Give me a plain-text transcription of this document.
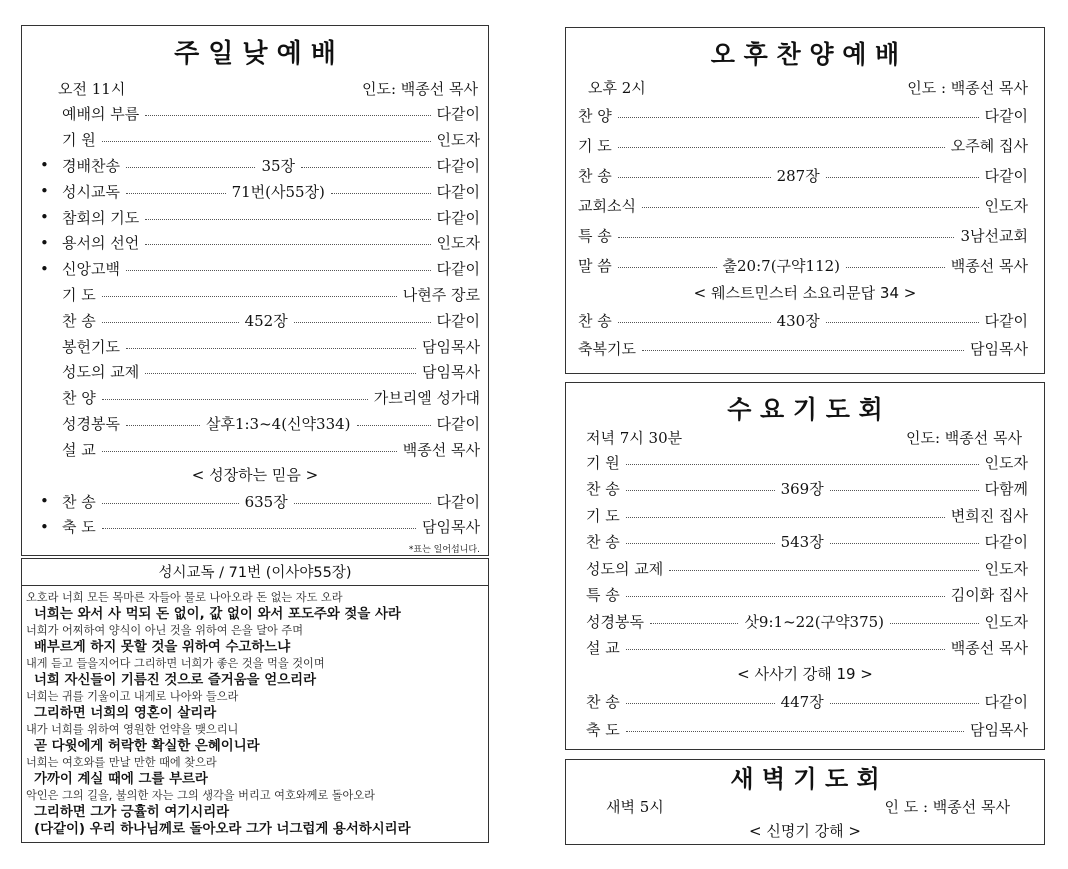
주 일 낮 예 배
오전 11시	인도: 백종선 목사
예배의 부름	다같이
기 원	인도자
• 경배찬송	35장	다같이
• 성시교독	71번(사55장)	다같이
• 참회의 기도	다같이
• 용서의 선언	인도자
• 신앙고백	다같이
기 도	나현주 장로
찬 송	452장	다같이
봉헌기도	담임목사
성도의 교제	담임목사
찬 양	가브리엘 성가대
성경봉독	살후1:3~4(신약334)	다같이
설 교	백종선 목사
< 성장하는 믿음 >
• 찬 송	635장	다같이
• 축 도	담임목사
*표는 일어섭니다.
성시교독 / 71번 (이사야55장)
오호라 너희 모든 목마른 자들아 물로 나아오라 돈 없는 자도 오라
너희는 와서 사 먹되 돈 없이, 값 없이 와서 포도주와 젖을 사라
너희가 어찌하여 양식이 아닌 것을 위하여 은을 달아 주며
배부르게 하지 못할 것을 위하여 수고하느냐
내게 듣고 들을지어다 그리하면 너희가 좋은 것을 먹을 것이며
너희 자신들이 기름진 것으로 즐거움을 얻으리라
너희는 귀를 기울이고 내게로 나아와 들으라
그리하면 너희의 영혼이 살리라
내가 너희를 위하여 영원한 언약을 맺으리니
곧 다윗에게 허락한 확실한 은혜이니라
너희는 여호와를 만날 만한 때에 찾으라
가까이 계실 때에 그를 부르라
악인은 그의 길을, 불의한 자는 그의 생각을 버리고 여호와께로 돌아오라
그리하면 그가 긍휼히 여기시리라
(다같이) 우리 하나님께로 돌아오라 그가 너그럽게 용서하시리라
오 후 찬 양 예 배
오후 2시	인도 : 백종선 목사
찬 양	다같이
기 도	오주혜 집사
찬 송	287장	다같이
교회소식	인도자
특 송	3남선교회
말 씀	출20:7(구약112)	백종선 목사
< 웨스트민스터 소요리문답 34 >
찬 송	430장	다같이
축복기도	담임목사
수 요 기 도 회
저녁 7시 30분	인도: 백종선 목사
기 원	인도자
찬 송	369장	다함께
기 도	변희진 집사
찬 송	543장	다같이
성도의 교제	인도자
특 송	김이화 집사
성경봉독	삿9:1~22(구약375)	인도자
설 교	백종선 목사
< 사사기 강해 19 >
찬 송	447장	다같이
축 도	담임목사
새 벽 기 도 회
새벽 5시	인 도 : 백종선 목사
< 신명기 강해 >
